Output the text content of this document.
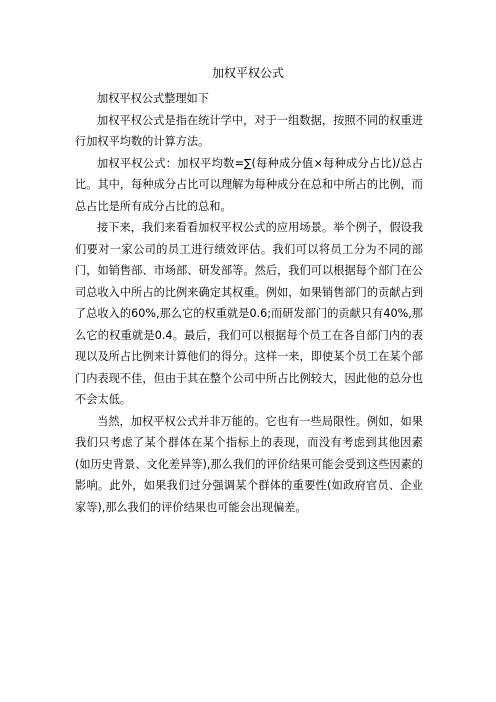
加权平权公式

加权平权公式整理如下

加权平权公式是指在统计学中，对于一组数据，按照不同的权重进行加权平均数的计算方法。

加权平权公式：加权平均数=∑(每种成分值×每种成分占比)/总占比。其中，每种成分占比可以理解为每种成分在总和中所占的比例，而总占比是所有成分占比的总和。

接下来，我们来看看加权平权公式的应用场景。举个例子，假设我们要对一家公司的员工进行绩效评估。我们可以将员工分为不同的部门，如销售部、市场部、研发部等。然后，我们可以根据每个部门在公司总收入中所占的比例来确定其权重。例如，如果销售部门的贡献占到了总收入的60%,那么它的权重就是0.6;而研发部门的贡献只有40%,那么它的权重就是0.4。最后，我们可以根据每个员工在各自部门内的表现以及所占比例来计算他们的得分。这样一来，即使某个员工在某个部门内表现不佳，但由于其在整个公司中所占比例较大，因此他的总分也不会太低。

当然，加权平权公式并非万能的。它也有一些局限性。例如，如果我们只考虑了某个群体在某个指标上的表现，而没有考虑到其他因素(如历史背景、文化差异等),那么我们的评价结果可能会受到这些因素的影响。此外，如果我们过分强调某个群体的重要性(如政府官员、企业家等),那么我们的评价结果也可能会出现偏差。
